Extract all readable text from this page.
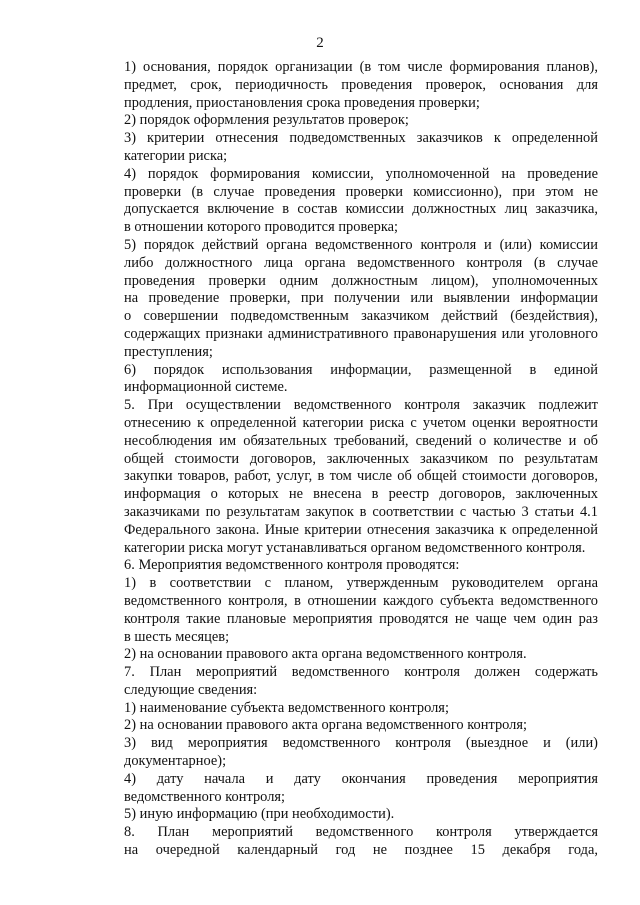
2

1) основания, порядок организации (в том числе формирования планов),
предмет, срок, периодичность проведения проверок, основания для
продления, приостановления срока проведения проверки;

2) порядок оформления результатов проверок;

3) критерии отнесения подведомственных заказчиков к определенной
категории риска;

4) порядок формирования комиссии, уполномоченной на проведение
проверки (в случае проведения проверки комиссионно), при этом не
допускается включение в состав комиссии должностных лиц заказчика,
в отношении которого проводится проверка;

5) порядок действий органа ведомственного контроля и (или) комиссии
либо должностного лица органа ведомственного контроля (в случае
проведения проверки одним должностным лицом), уполномоченных
на проведение проверки, при получении или выявлении информации
о совершении подведомственным заказчиком действий (бездействия),
содержащих признаки административного правонарушения или уголовного
преступления;

6) порядок использования информации, размещенной в единой
информационной системе.

5. При осуществлении ведомственного контроля заказчик подлежит
отнесению к определенной категории риска с учетом оценки вероятности
несоблюдения им обязательных требований, сведений о количестве и об
общей стоимости договоров, заключенных заказчиком по результатам
закупки товаров, работ, услуг, в том числе об общей стоимости договоров,
информация о которых не внесена в реестр договоров, заключенных
заказчиками по результатам закупок в соответствии с частью 3 статьи 4.1
Федерального закона. Иные критерии отнесения заказчика к определенной
категории риска могут устанавливаться органом ведомственного контроля.

6. Мероприятия ведомственного контроля проводятся:

1) в соответствии с планом, утвержденным руководителем органа
ведомственного контроля, в отношении каждого субъекта ведомственного
контроля такие плановые мероприятия проводятся не чаще чем один раз
в шесть месяцев;

2) на основании правового акта органа ведомственного контроля.

7. План мероприятий ведомственного контроля должен содержать
следующие сведения:

1) наименование субъекта ведомственного контроля;

2) на основании правового акта органа ведомственного контроля;

3) вид мероприятия ведомственного контроля (выездное и (или)
документарное);

4) дату начала и дату окончания проведения мероприятия
ведомственного контроля;

5) иную информацию (при необходимости).

8. План мероприятий ведомственного контроля утверждается
на очередной календарный год не позднее 15 декабря года,
